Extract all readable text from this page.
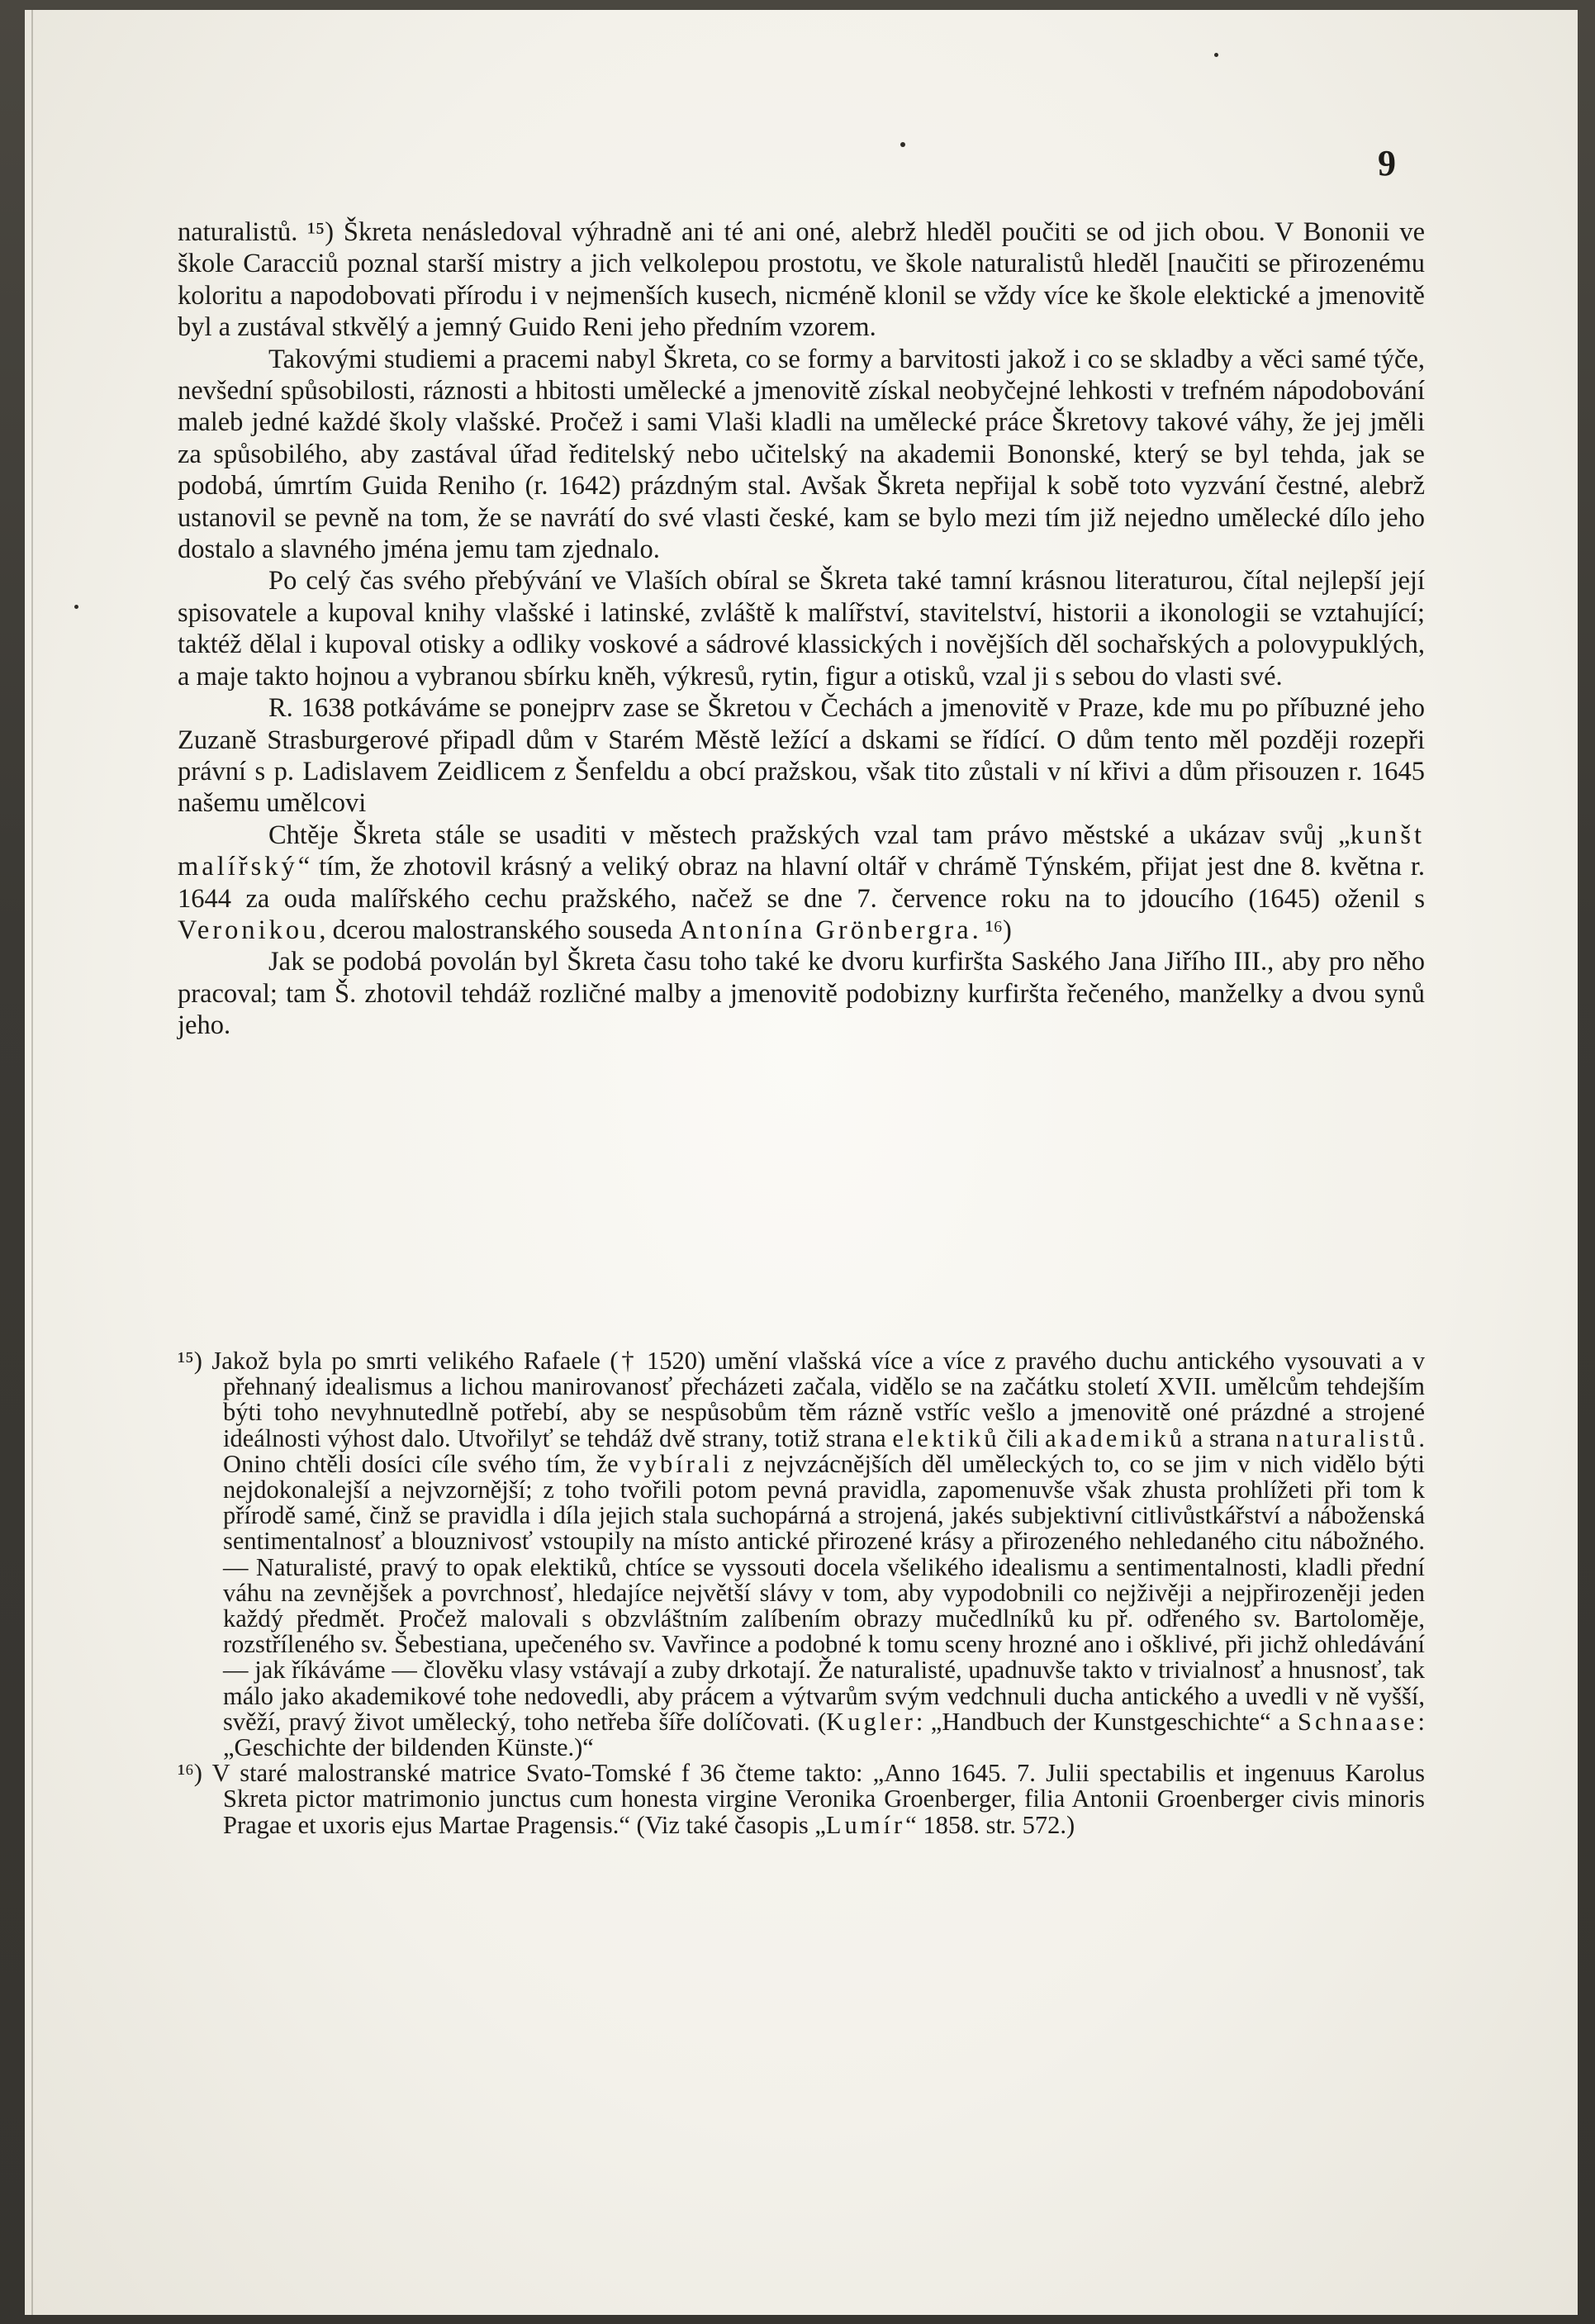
9

naturalistů. ¹⁵) Škreta nenásledoval výhradně ani té ani oné, alebrž hleděl poučiti se od jich obou. V Bononii ve škole Caracciů poznal starší mistry a jich velkolepou prostotu, ve škole naturalistů hleděl [naučiti se přirozenému koloritu a napodobovati přírodu i v nejmenších kusech, nicméně klonil se vždy více ke škole elektické a jmenovitě byl a zustával stkvělý a jemný Guido Reni jeho předním vzorem.

Takovými studiemi a pracemi nabyl Škreta, co se formy a barvitosti jakož i co se skladby a věci samé týče, nevšední spůsobilosti, ráznosti a hbitosti umělecké a jmenovitě získal neobyčejné lehkosti v trefném nápodobování maleb jedné každé školy vlašské. Pročež i sami Vlaši kladli na umělecké práce Škretovy takové váhy, že jej jměli za spůsobilého, aby zastával úřad ředitelský nebo učitelský na akademii Bononské, který se byl tehda, jak se podobá, úmrtím Guida Reniho (r. 1642) prázdným stal. Avšak Škreta nepřijal k sobě toto vyzvání čestné, alebrž ustanovil se pevně na tom, že se navrátí do své vlasti české, kam se bylo mezi tím již nejedno umělecké dílo jeho dostalo a slavného jména jemu tam zjednalo.

Po celý čas svého přebývání ve Vlaších obíral se Škreta také tamní krásnou literaturou, čítal nejlepší její spisovatele a kupoval knihy vlašské i latinské, zvláště k malířství, stavitelství, historii a ikonologii se vztahující; taktéž dělal i kupoval otisky a odliky voskové a sádrové klassických i novějších děl sochařských a polovypuklých, a maje takto hojnou a vybranou sbírku kněh, výkresů, rytin, figur a otisků, vzal ji s sebou do vlasti své.

R. 1638 potkáváme se ponejprv zase se Škretou v Čechách a jmenovitě v Praze, kde mu po příbuzné jeho Zuzaně Strasburgerové připadl dům v Starém Městě ležící a dskami se řídící. O dům tento měl později rozepři právní s p. Ladislavem Zeidlicem z Šenfeldu a obcí pražskou, však tito zůstali v ní křivi a dům přisouzen r. 1645 našemu umělcovi

Chtěje Škreta stále se usaditi v městech pražských vzal tam právo městské a ukázav svůj „kunšt malířský“ tím, že zhotovil krásný a veliký obraz na hlavní oltář v chrámě Týnském, přijat jest dne 8. května r. 1644 za ouda malířského cechu pražského, načež se dne 7. července roku na to jdoucího (1645) oženil s Veronikou, dcerou malostranského souseda Antonína Grönbergra. ¹⁶)

Jak se podobá povolán byl Škreta času toho také ke dvoru kurfiršta Saského Jana Jiřího III., aby pro něho pracoval; tam Š. zhotovil tehdáž rozličné malby a jmenovitě podobizny kurfiršta řečeného, manželky a dvou synů jeho.

¹⁵) Jakož byla po smrti velikého Rafaele († 1520) umění vlašská více a více z pravého duchu antického vysouvati a v přehnaný idealismus a lichou manirovanosť přecházeti začala, vidělo se na začátku století XVII. umělcům tehdejším býti toho nevyhnutedlně potřebí, aby se nespůsobům těm rázně vstříc vešlo a jmenovitě oné prázdné a strojené ideálnosti výhost dalo. Utvořilyť se tehdáž dvě strany, totiž strana elektiků čili akademiků a strana naturalistů. Onino chtěli dosíci cíle svého tím, že vybírali z nejvzácnějších děl uměleckých to, co se jim v nich vidělo býti nejdokonalejší a nejvzornější; z toho tvořili potom pevná pravidla, zapomenuvše však zhusta prohlížeti při tom k přírodě samé, činž se pravidla i díla jejich stala suchopárná a strojená, jakés subjektivní citlivůstkářství a náboženská sentimentalnosť a blouznivosť vstoupily na místo antické přirozené krásy a přirozeného nehledaného citu nábožného. — Naturalisté, pravý to opak elektiků, chtíce se vyssouti docela všelikého idealismu a sentimentalnosti, kladli přední váhu na zevnějšek a povrchnosť, hledajíce největší slávy v tom, aby vypodobnili co nejživěji a nejpřirozeněji jeden každý předmět. Pročež malovali s obzvláštním zalíbením obrazy mučedlníků ku př. odřeného sv. Bartoloměje, rozstříleného sv. Šebestiana, upečeného sv. Vavřince a podobné k tomu sceny hrozné ano i ošklivé, při jichž ohledávání — jak říkáváme — člověku vlasy vstávají a zuby drkotají. Že naturalisté, upadnuvše takto v trivialnosť a hnusnosť, tak málo jako akademikové tohe nedovedli, aby prácem a výtvarům svým vedchnuli ducha antického a uvedli v ně vyšší, svěží, pravý život umělecký, toho netřeba šíře dolíčovati. (Kugler: „Handbuch der Kunstgeschichte“ a Schnaase: „Geschichte der bildenden Künste.)“

¹⁶) V staré malostranské matrice Svato-Tomské f 36 čteme takto: „Anno 1645. 7. Julii spectabilis et ingenuus Karolus Skreta pictor matrimonio junctus cum honesta virgine Veronika Groenberger, filia Antonii Groenberger civis minoris Pragae et uxoris ejus Martae Pragensis.“ (Viz také časopis „Lumír“ 1858. str. 572.)
